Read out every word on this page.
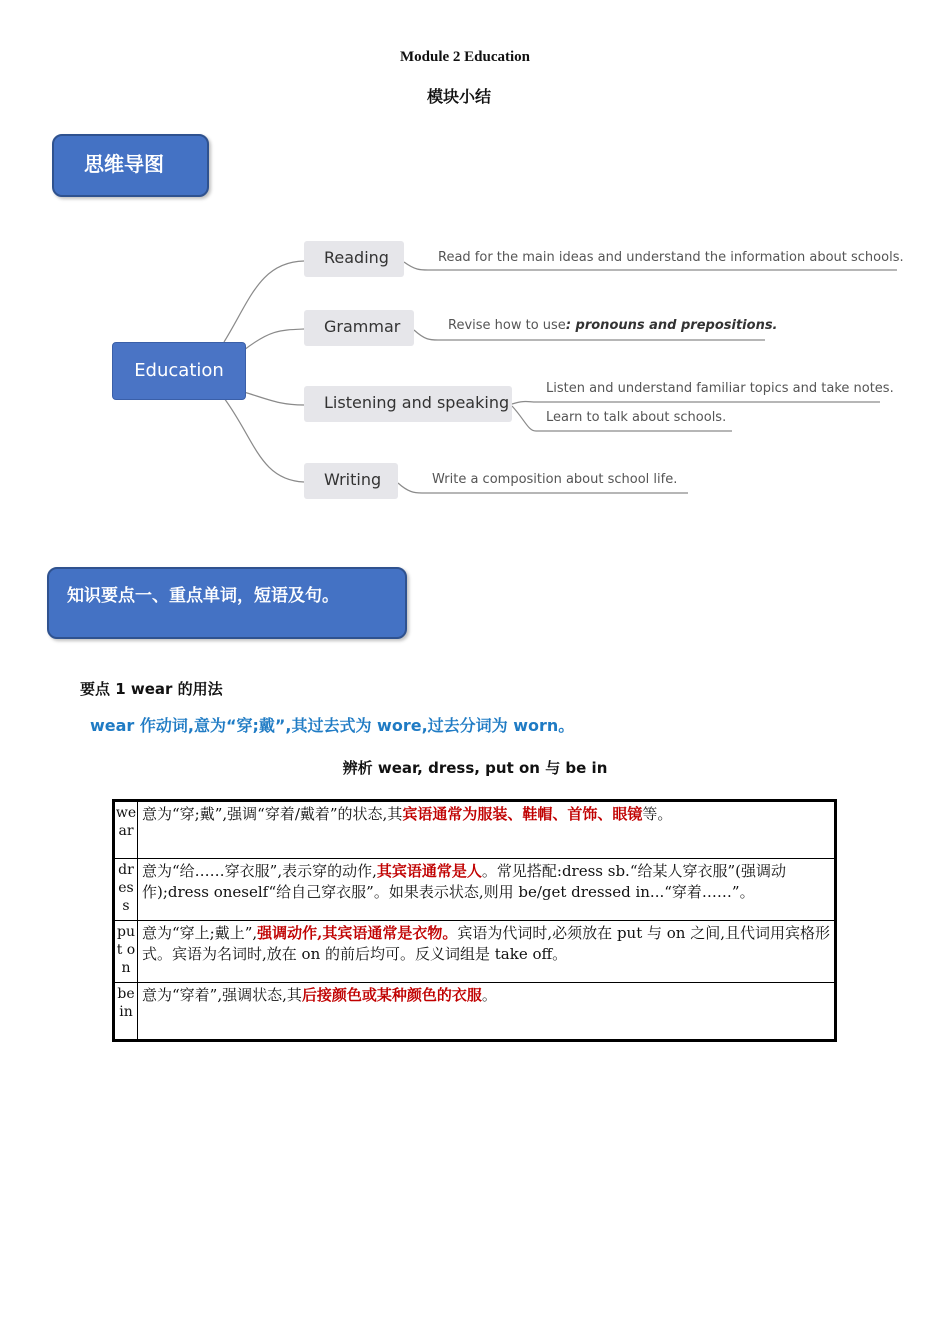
Module 2 Education
模块小结
思维导图
Education
Reading
Grammar
Listening and speaking
Writing
Read for the main ideas and understand the information about schools.
Revise how to use: pronouns and prepositions.
Listen and understand familiar topics and take notes.
Learn to talk about schools.
Write a composition about school life.
知识要点一、重点单词，短语及句。
要点 1 wear 的用法
wear 作动词,意为“穿;戴”,其过去式为 wore,过去分词为 worn。
辨析 wear, dress, put on 与 be in
wear	意为“穿;戴”,强调“穿着/戴着”的状态,其宾语通常为服装、鞋帽、首饰、眼镜等。
dress	意为“给……穿衣服”,表示穿的动作,其宾语通常是人。常见搭配:dress sb.“给某人穿衣服”(强调动作);dress oneself“给自己穿衣服”。如果表示状态,则用 be/get dressed in...“穿着……”。
put on	意为“穿上;戴上”,强调动作,其宾语通常是衣物。宾语为代词时,必须放在 put 与 on 之间,且代词用宾格形式。宾语为名词时,放在 on 的前后均可。反义词组是 take off。
be in	意为“穿着”,强调状态,其后接颜色或某种颜色的衣服。
